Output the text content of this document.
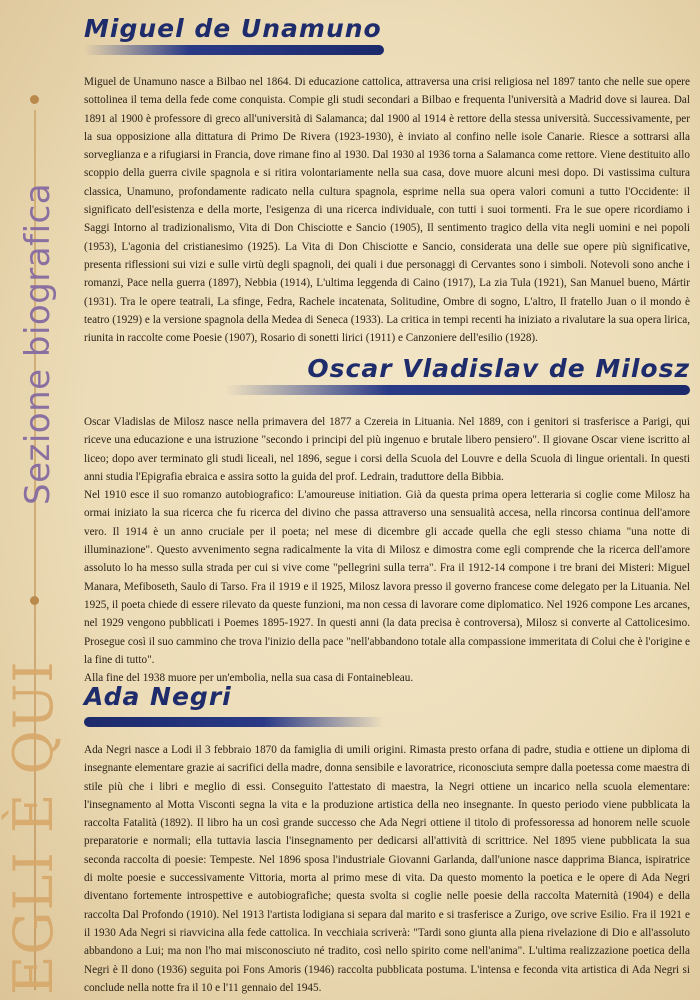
Sezione biografica
EGLI È QUI
Miguel de Unamuno

Miguel de Unamuno nasce a Bilbao nel 1864. Di educazione cattolica, attraversa una crisi religiosa nel 1897 tanto che nelle sue opere sottolinea il tema della fede come conquista. Compie gli studi secondari a Bilbao e frequenta l'università a Madrid dove si laurea. Dal 1891 al 1900 è professore di greco all'università di Salamanca; dal 1900 al 1914 è rettore della stessa università. Successivamente, per la sua opposizione alla dittatura di Primo De Rivera (1923-1930), è inviato al confino nelle isole Canarie. Riesce a sottrarsi alla sorveglianza e a rifugiarsi in Francia, dove rimane fino al 1930. Dal 1930 al 1936 torna a Salamanca come rettore. Viene destituito allo scoppio della guerra civile spagnola e si ritira volontariamente nella sua casa, dove muore alcuni mesi dopo. Di vastissima cultura classica, Unamuno, profondamente radicato nella cultura spagnola, esprime nella sua opera valori comuni a tutto l'Occidente: il significato dell'esistenza e della morte, l'esigenza di una ricerca individuale, con tutti i suoi tormenti. Fra le sue opere ricordiamo i Saggi Intorno al tradizionalismo, Vita di Don Chisciotte e Sancio (1905), Il sentimento tragico della vita negli uomini e nei popoli (1953), L'agonia del cristianesimo (1925). La Vita di Don Chisciotte e Sancio, considerata una delle sue opere più significative, presenta riflessioni sui vizi e sulle virtù degli spagnoli, dei quali i due personaggi di Cervantes sono i simboli. Notevoli sono anche i romanzi, Pace nella guerra (1897), Nebbia (1914), L'ultima leggenda di Caino (1917), La zia Tula (1921), San Manuel bueno, Mártir (1931). Tra le opere teatrali, La sfinge, Fedra, Rachele incatenata, Solitudine, Ombre di sogno, L'altro, Il fratello Juan o il mondo è teatro (1929) e la versione spagnola della Medea di Seneca (1933). La critica in tempi recenti ha iniziato a rivalutare la sua opera lirica, riunita in raccolte come Poesie (1907), Rosario di sonetti lirici (1911) e Canzoniere dell'esilio (1928).

Oscar Vladislav de Milosz

Oscar Vladislas de Milosz nasce nella primavera del 1877 a Czereia in Lituania. Nel 1889, con i genitori si trasferisce a Parigi, qui riceve una educazione e una istruzione "secondo i principi del più ingenuo e brutale libero pensiero". Il giovane Oscar viene iscritto al liceo; dopo aver terminato gli studi liceali, nel 1896, segue i corsi della Scuola del Louvre e della Scuola di lingue orientali. In questi anni studia l'Epigrafia ebraica e assira sotto la guida del prof. Ledrain, traduttore della Bibbia.

Nel 1910 esce il suo romanzo autobiografico: L'amoureuse initiation. Già da questa prima opera letteraria si coglie come Milosz ha ormai iniziato la sua ricerca che fu ricerca del divino che passa attraverso una sensualità accesa, nella rincorsa continua dell'amore vero. Il 1914 è un anno cruciale per il poeta; nel mese di dicembre gli accade quella che egli stesso chiama "una notte di illuminazione". Questo avvenimento segna radicalmente la vita di Milosz e dimostra come egli comprende che la ricerca dell'amore assoluto lo ha messo sulla strada per cui si vive come "pellegrini sulla terra". Fra il 1912-14 compone i tre brani dei Misteri: Miguel Manara, Mefiboseth, Saulo di Tarso. Fra il 1919 e il 1925, Milosz lavora presso il governo francese come delegato per la Lituania. Nel 1925, il poeta chiede di essere rilevato da queste funzioni, ma non cessa di lavorare come diplomatico. Nel 1926 compone Les arcanes, nel 1929 vengono pubblicati i Poemes 1895-1927. In questi anni (la data precisa è controversa), Milosz si converte al Cattolicesimo. Prosegue così il suo cammino che trova l'inizio della pace "nell'abbandono totale alla compassione immeritata di Colui che è l'origine e la fine di tutto".

Alla fine del 1938 muore per un'embolia, nella sua casa di Fontainebleau.

Ada Negri

Ada Negri nasce a Lodi il 3 febbraio 1870 da famiglia di umili origini. Rimasta presto orfana di padre, studia e ottiene un diploma di insegnante elementare grazie ai sacrifici della madre, donna sensibile e lavoratrice, riconosciuta sempre dalla poetessa come maestra di stile più che i libri e meglio di essi. Conseguito l'attestato di maestra, la Negri ottiene un incarico nella scuola elementare: l'insegnamento al Motta Visconti segna la vita e la produzione artistica della neo insegnante. In questo periodo viene pubblicata la raccolta Fatalità (1892). Il libro ha un così grande successo che Ada Negri ottiene il titolo di professoressa ad honorem nelle scuole preparatorie e normali; ella tuttavia lascia l'insegnamento per dedicarsi all'attività di scrittrice. Nel 1895 viene pubblicata la sua seconda raccolta di poesie: Tempeste. Nel 1896 sposa l'industriale Giovanni Garlanda, dall'unione nasce dapprima Bianca, ispiratrice di molte poesie e successivamente Vittoria, morta al primo mese di vita. Da questo momento la poetica e le opere di Ada Negri diventano fortemente introspettive e autobiografiche; questa svolta si coglie nelle poesie della raccolta Maternità (1904) e della raccolta Dal Profondo (1910). Nel 1913 l'artista lodigiana si separa dal marito e si trasferisce a Zurigo, ove scrive Esilio. Fra il 1921 e il 1930 Ada Negri si riavvicina alla fede cattolica. In vecchiaia scriverà: "Tardi sono giunta alla piena rivelazione di Dio e all'assoluto abbandono a Lui; ma non l'ho mai misconosciuto né tradito, così nello spirito come nell'anima". L'ultima realizzazione poetica della Negri è Il dono (1936) seguita poi Fons Amoris (1946) raccolta pubblicata postuma. L'intensa e feconda vita artistica di Ada Negri si conclude nella notte fra il 10 e l'11 gennaio del 1945.
